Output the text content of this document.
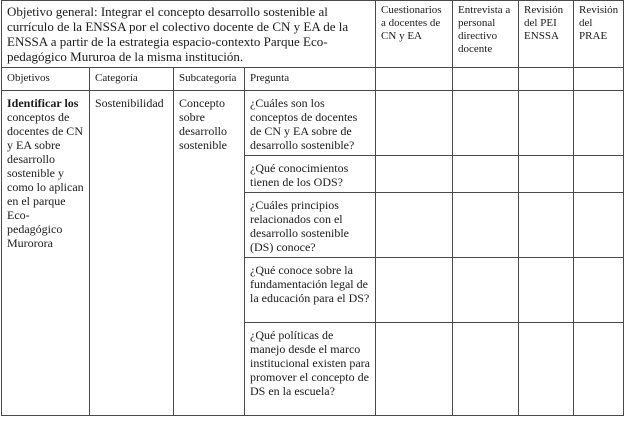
Objetivo general: Integrar el concepto desarrollo sostenible al currículo de la ENSSA por el colectivo docente de CN y EA de la ENSSA a partir de la estrategia espacio-contexto Parque Eco-pedagógico Mururoa de la misma institución.				Cuestionarios a docentes de CN y EA	Entrevista a personal directivo docente	Revisión del PEI ENSSA	Revisión del PRAE
Objetivos	Categoría	Subcategoría	Pregunta				
Identificar los conceptos de docentes de CN y EA sobre desarrollo sostenible y como lo aplican en el parque Eco-pedagógico Murorora	Sostenibilidad	Concepto sobre desarrollo sostenible	¿Cuáles son los conceptos de docentes de CN y EA sobre de desarrollo sostenible?				
			¿Qué conocimientos tienen de los ODS?				
			¿Cuáles principios relacionados con el desarrollo sostenible (DS) conoce?				
			¿Qué conoce sobre la fundamentación legal de la educación para el DS?				
			¿Qué políticas de manejo desde el marco institucional existen para promover el concepto de DS en la escuela?				
